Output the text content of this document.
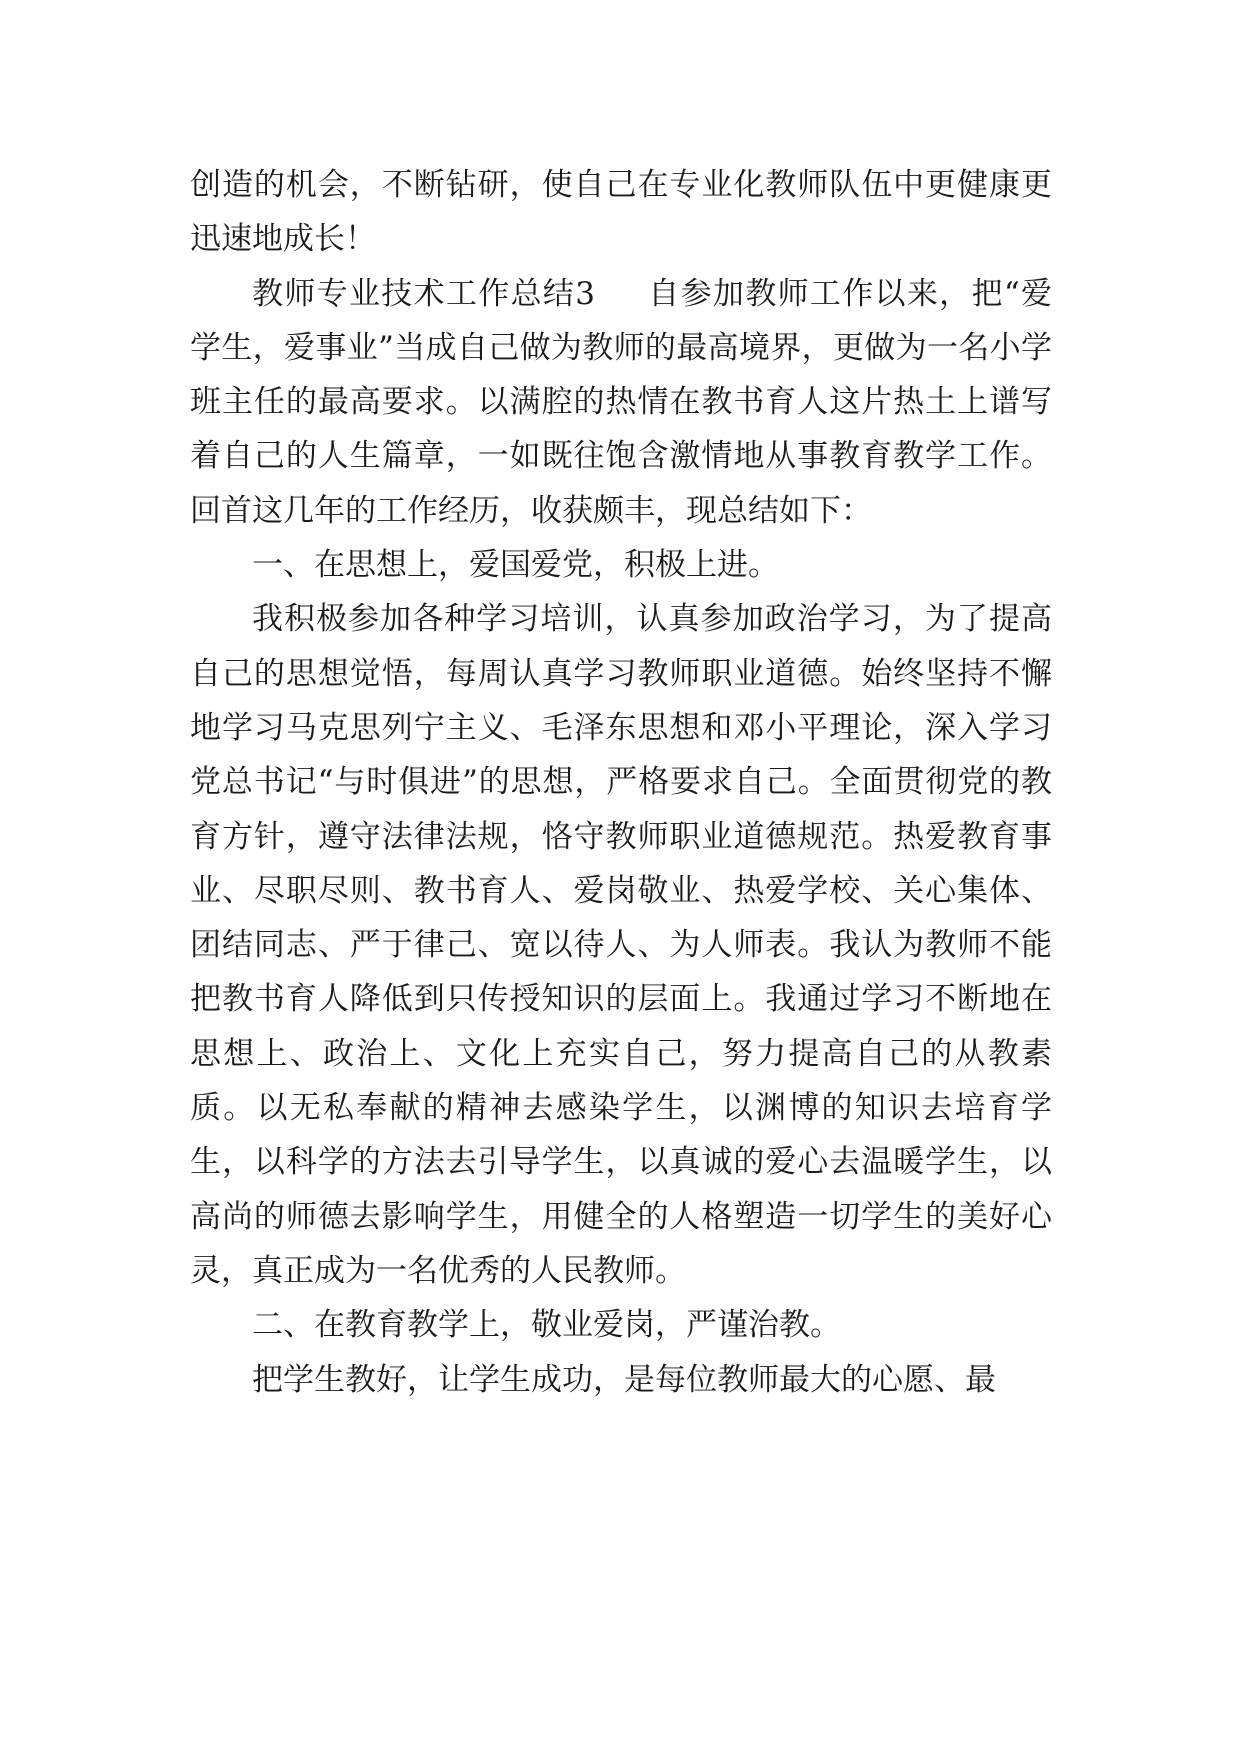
创造的机会，不断钻研，使自己在专业化教师队伍中更健康更迅速地成长！

教师专业技术工作总结3 自参加教师工作以来，把“爱学生，爱事业”当成自己做为教师的最高境界，更做为一名小学班主任的最高要求。以满腔的热情在教书育人这片热土上谱写着自己的人生篇章，一如既往饱含激情地从事教育教学工作。回首这几年的工作经历，收获颇丰，现总结如下：

一、在思想上，爱国爱党，积极上进。

我积极参加各种学习培训，认真参加政治学习，为了提高自己的思想觉悟，每周认真学习教师职业道德。始终坚持不懈地学习马克思列宁主义、毛泽东思想和邓小平理论，深入学习党总书记“与时俱进”的思想，严格要求自己。全面贯彻党的教育方针，遵守法律法规，恪守教师职业道德规范。热爱教育事业、尽职尽则、教书育人、爱岗敬业、热爱学校、关心集体、团结同志、严于律己、宽以待人、为人师表。我认为教师不能把教书育人降低到只传授知识的层面上。我通过学习不断地在思想上、政治上、文化上充实自己，努力提高自己的从教素质。以无私奉献的精神去感染学生，以渊博的知识去培育学生，以科学的方法去引导学生，以真诚的爱心去温暖学生，以高尚的师德去影响学生，用健全的人格塑造一切学生的美好心灵，真正成为一名优秀的人民教师。

二、在教育教学上，敬业爱岗，严谨治教。

把学生教好，让学生成功，是每位教师最大的心愿、最
